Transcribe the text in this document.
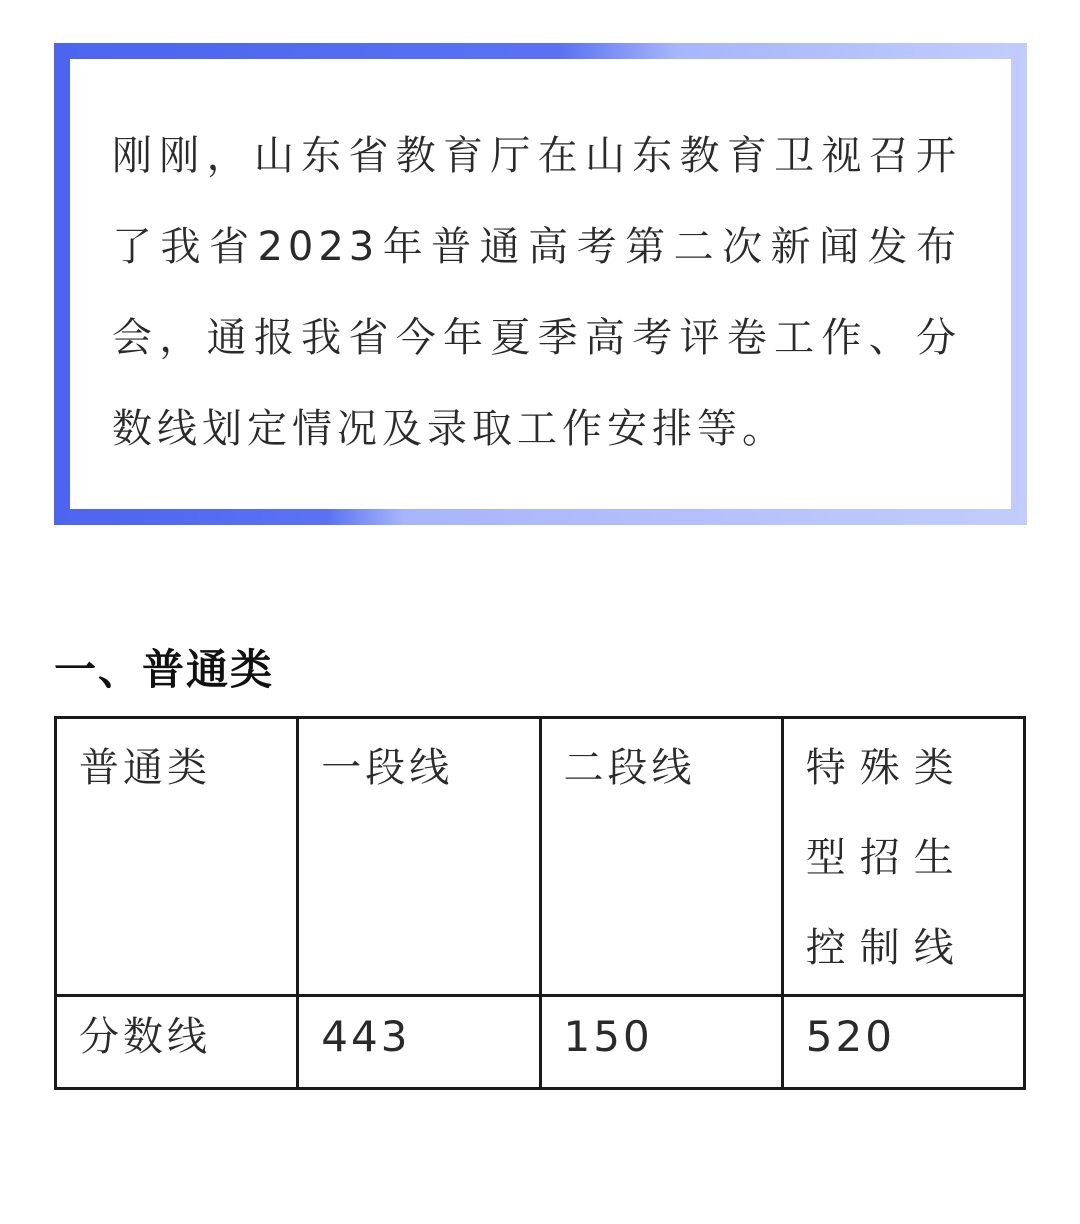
刚刚，山东省教育厅在山东教育卫视召开了我省2023年普通高考第二次新闻发布会，通报我省今年夏季高考评卷工作、分数线划定情况及录取工作安排等。

一、普通类
普通类	一段线	二段线	特殊类型招生控制线

分数线	443	150	520
